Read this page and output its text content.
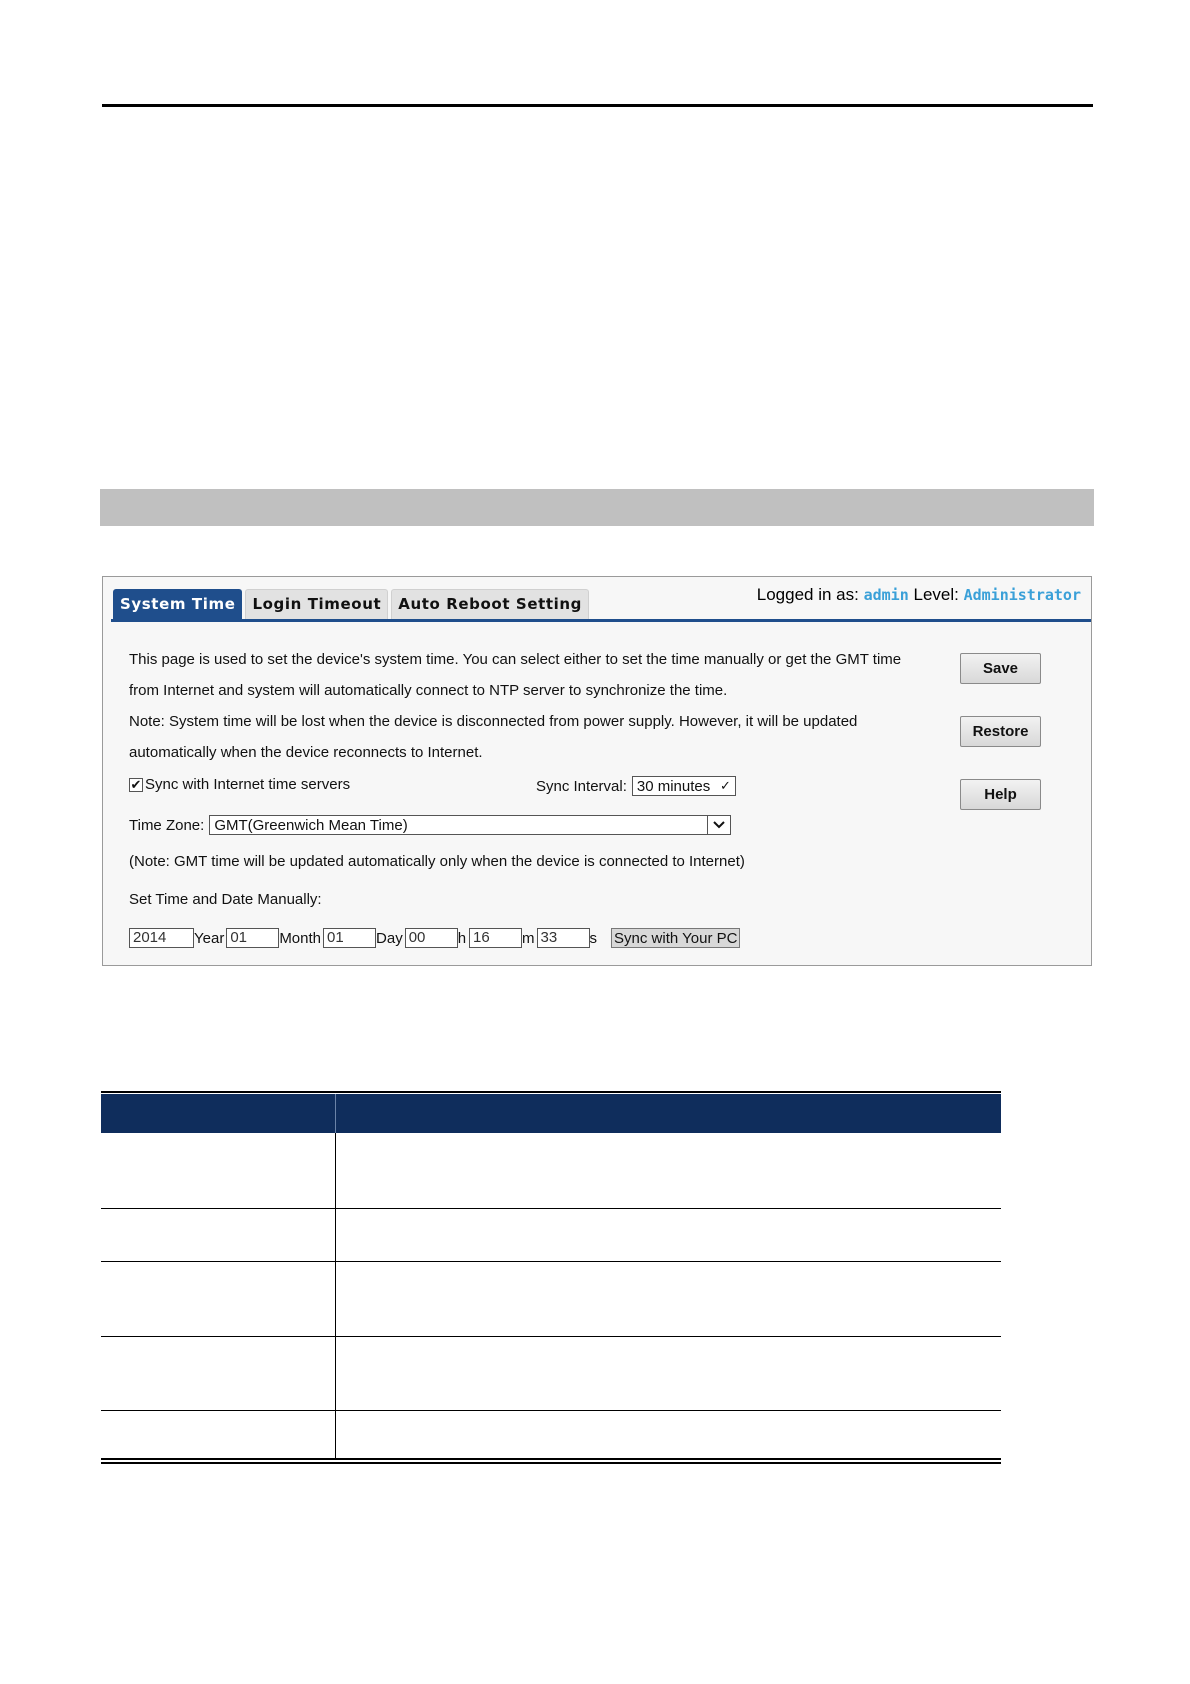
System Time	Login Timeout	Auto Reboot Setting	Logged in as: admin Level: Administrator
This page is used to set the device's system time. You can select either to set the time manually or get the GMT time
from Internet and system will automatically connect to NTP server to synchronize the time.
Note: System time will be lost when the device is disconnected from power supply. However, it will be updated
automatically when the device reconnects to Internet.
Save
Restore
Help
✔ Sync with Internet time servers	Sync Interval: 30 minutes ✓
Time Zone: GMT(Greenwich Mean Time)
(Note: GMT time will be updated automatically only when the device is connected to Internet)
Set Time and Date Manually:
2014	Year 01	Month 01	Day 00	h 16	m 33	s Sync with Your PC
